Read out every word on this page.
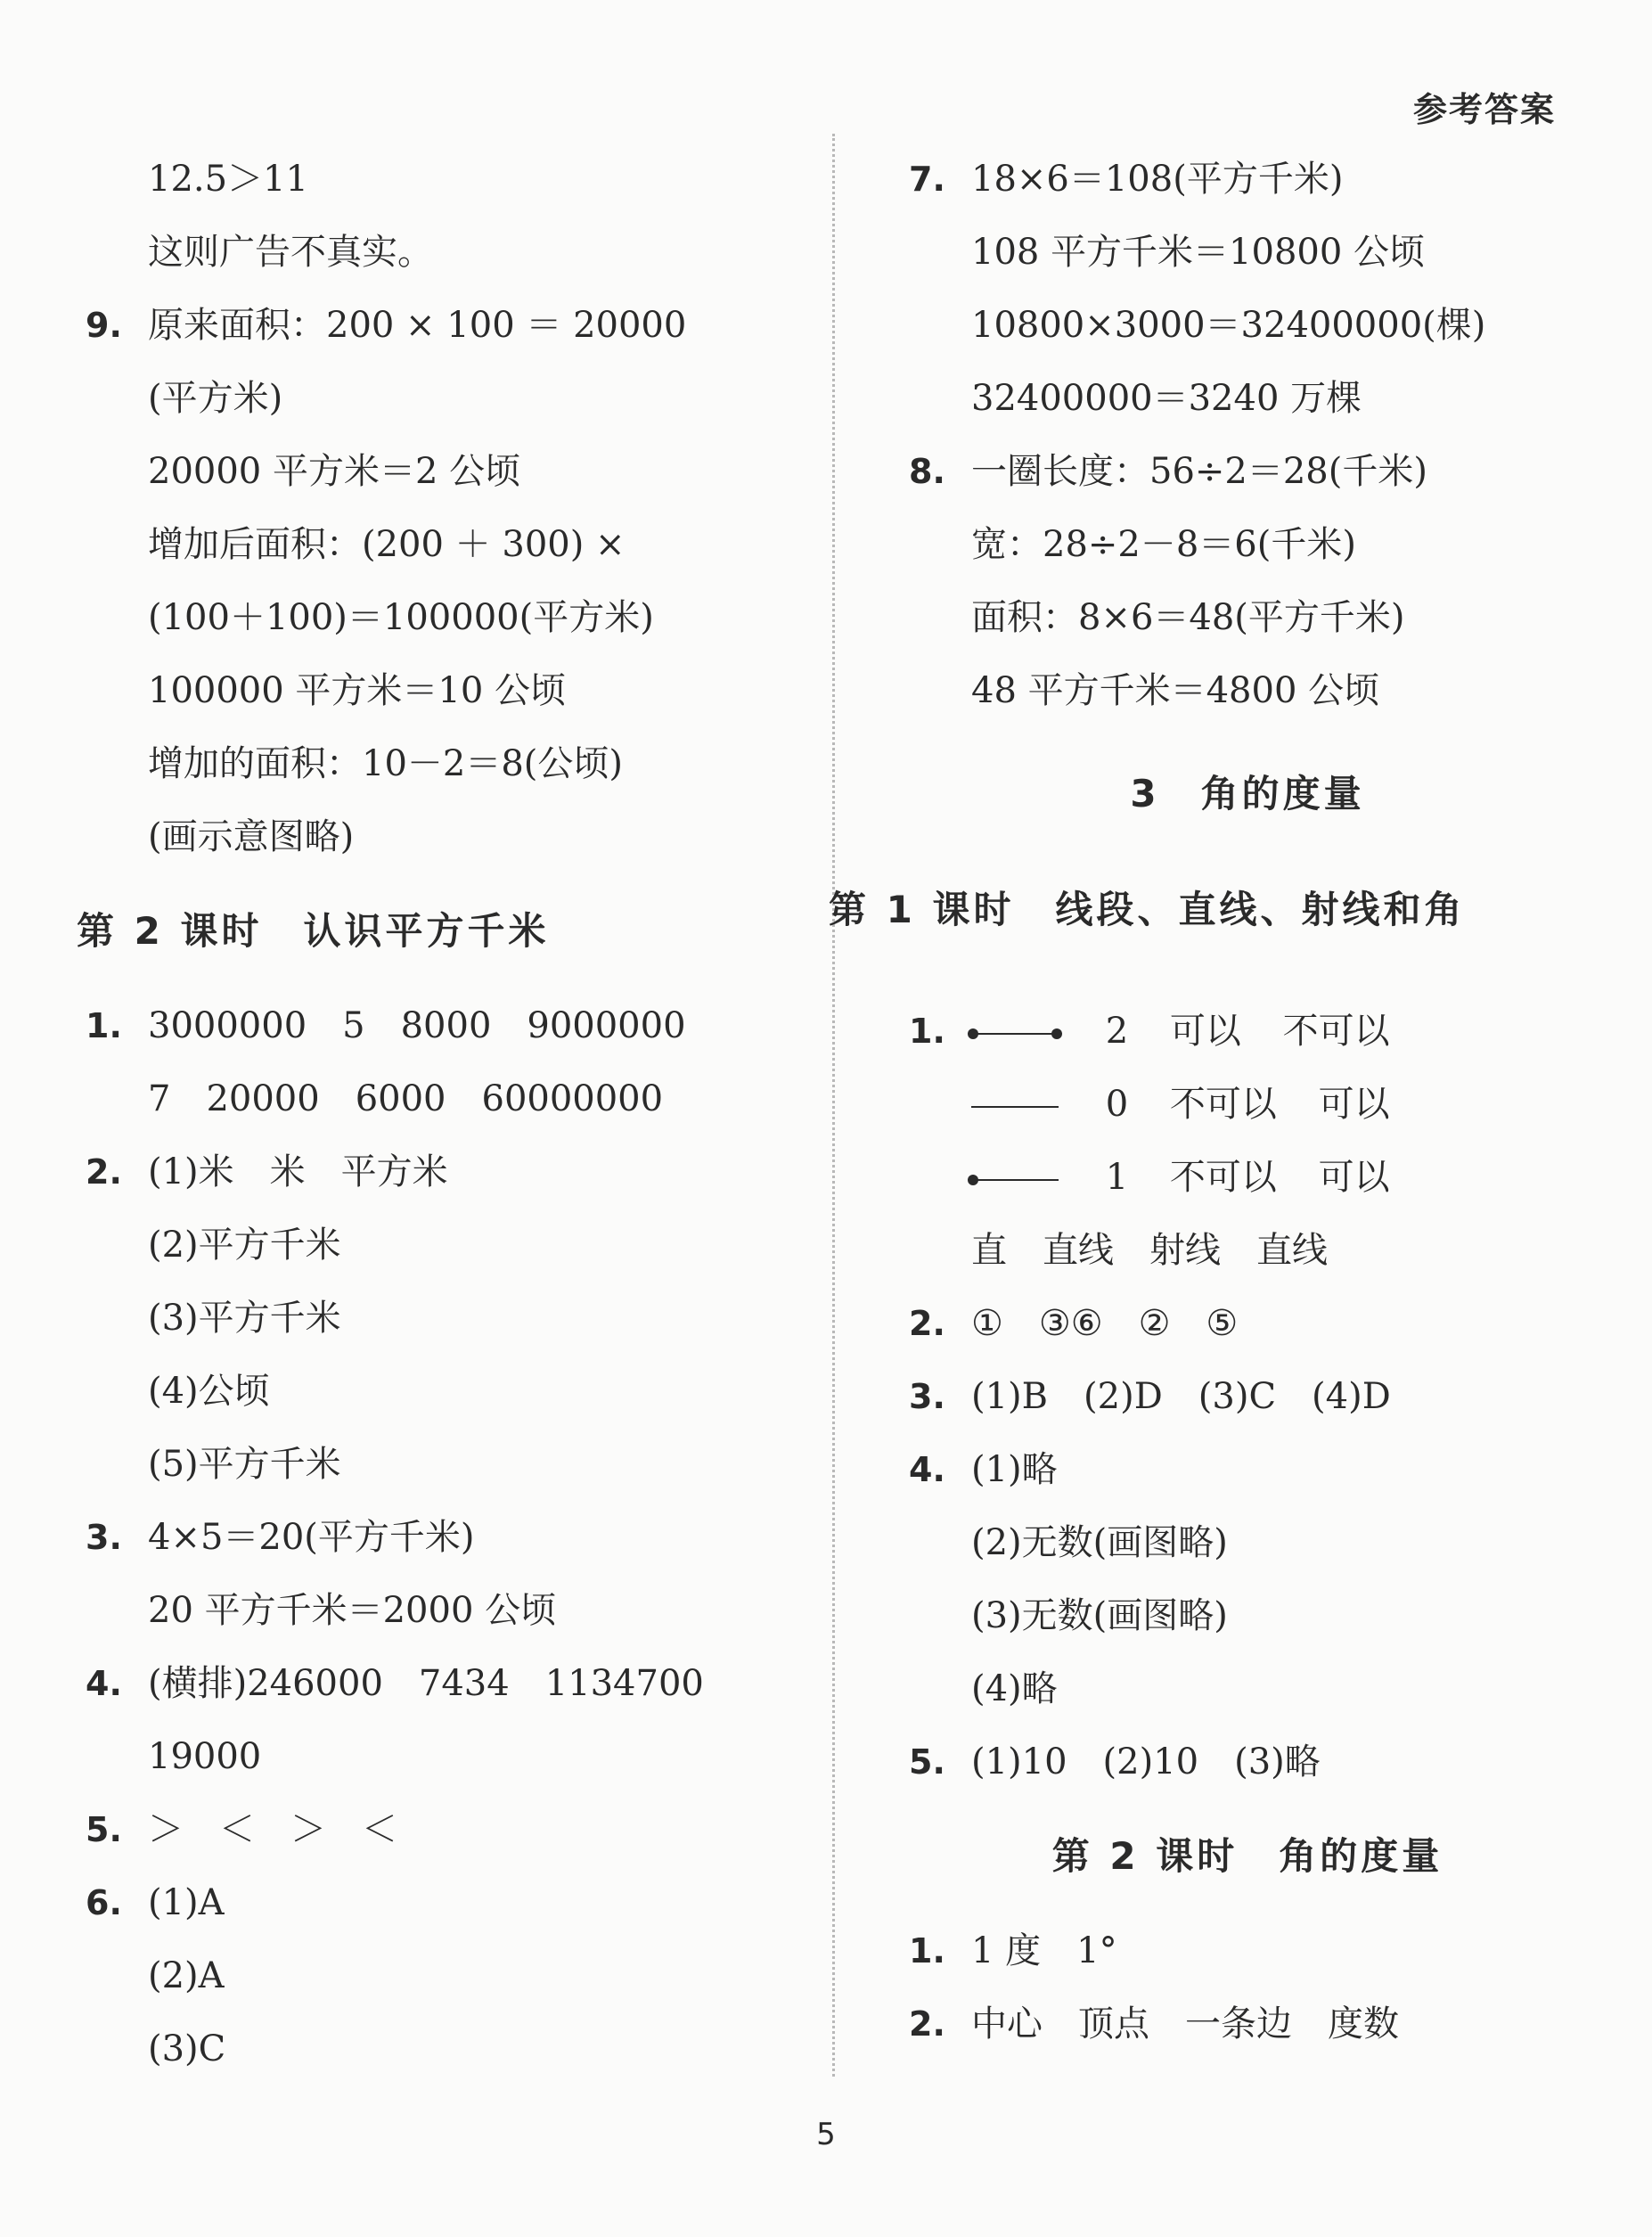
参考答案
12.5＞11
这则广告不真实。
9. 原来面积：200 × 100 ＝ 20000
(平方米)
20000 平方米＝2 公顷
增加后面积：(200 ＋ 300) ×
(100＋100)＝100000(平方米)
100000 平方米＝10 公顷
增加的面积：10－2＝8(公顷)
(画示意图略)
第 2 课时　认识平方千米
1. 3000000　5　8000　9000000
7　20000　6000　60000000
2. (1)米　米　平方米
(2)平方千米
(3)平方千米
(4)公顷
(5)平方千米
3. 4×5＝20(平方千米)
20 平方千米＝2000 公顷
4. (横排)246000　7434　1134700
19000
5. ＞　＜　＞　＜
6. (1)A
(2)A
(3)C
7. 18×6＝108(平方千米)
108 平方千米＝10800 公顷
10800×3000＝32400000(棵)
32400000＝3240 万棵
8. 一圈长度：56÷2＝28(千米)
宽：28÷2－8＝6(千米)
面积：8×6＝48(平方千米)
48 平方千米＝4800 公顷
3　角的度量
第 1 课时　线段、直线、射线和角
1.	2 可以 不可以
0 不可以 可以
1 不可以 可以
直　直线　射线　直线
2. ①　③⑥　②　⑤
3. (1)B　(2)D　(3)C　(4)D
4. (1)略
(2)无数(画图略)
(3)无数(画图略)
(4)略
5. (1)10　(2)10　(3)略
第 2 课时　角的度量
1. 1 度　1°
2. 中心　顶点　一条边　度数
5
